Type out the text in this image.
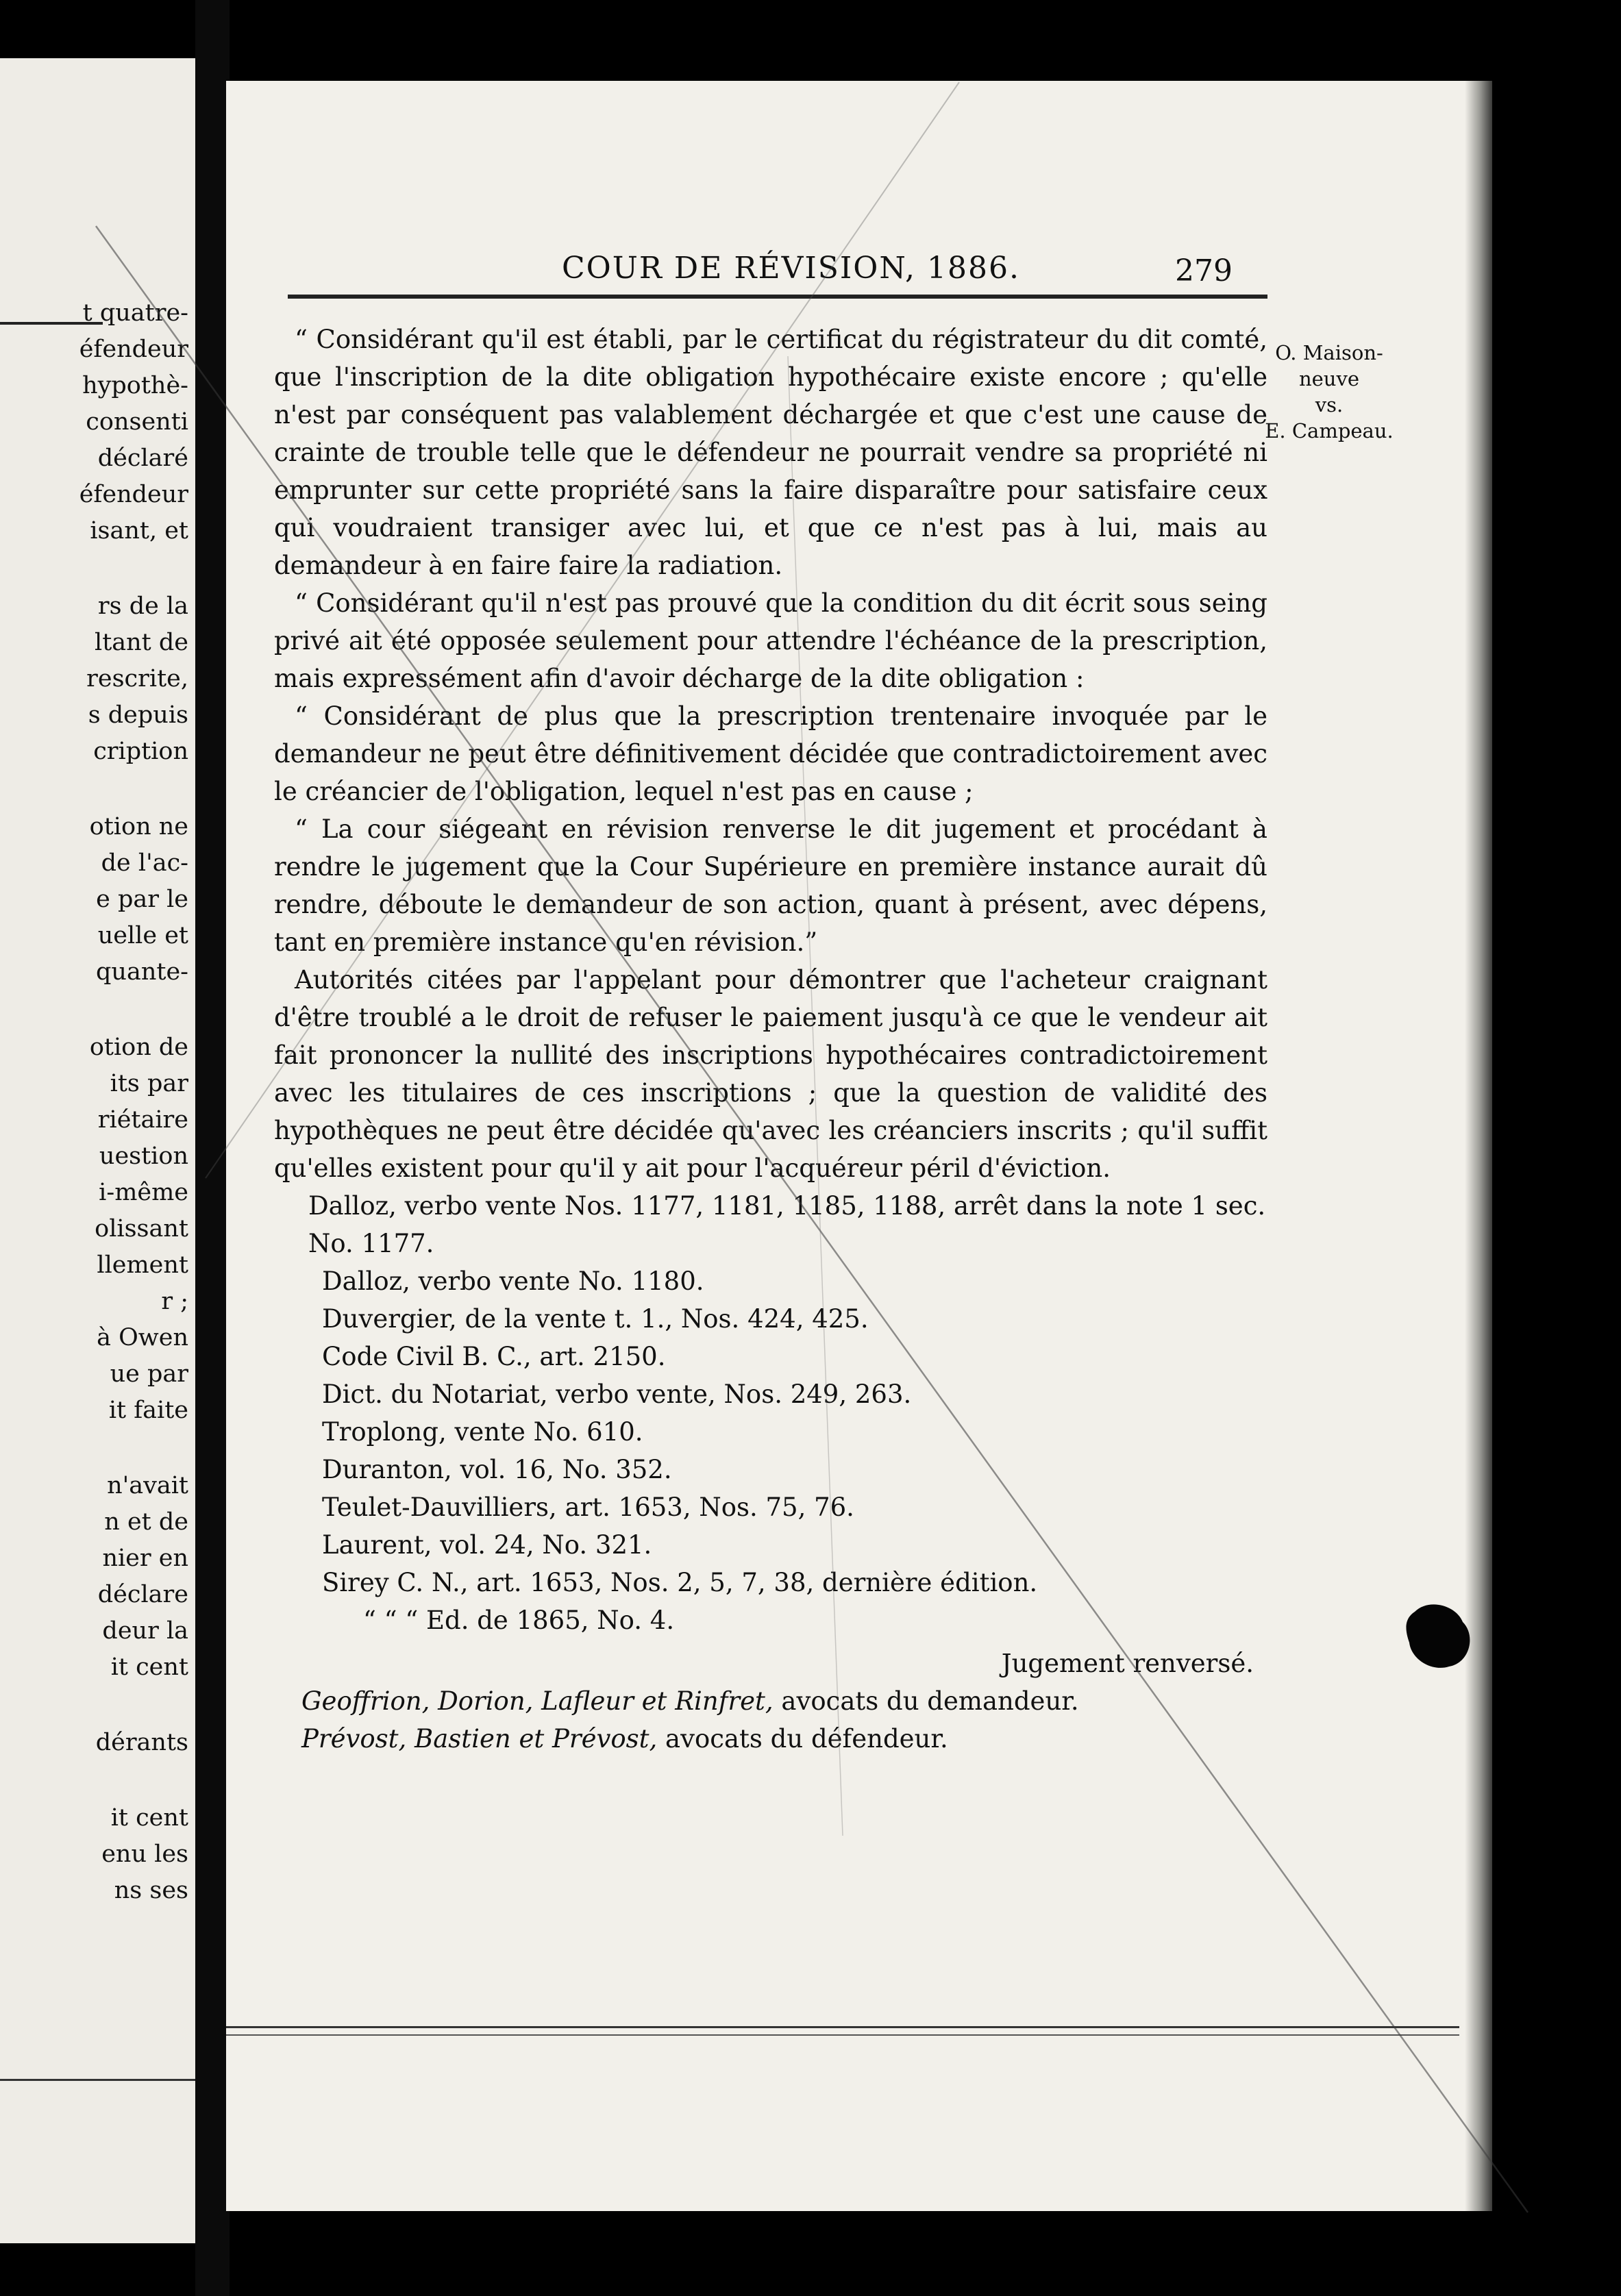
t quatre-
éfendeur
hypothè-
consenti
déclaré
éfendeur
isant, et
rs de la
ltant de
rescrite,
s depuis
cription
otion ne
de l'ac-
e par le
uelle et
quante-
otion de
its par
riétaire
uestion
i-même
olissant
llement
r ;
à Owen
ue par
it faite
n'avait
n et de
nier en
déclare
deur la
it cent
dérants
it cent
enu les
ns ses
COUR DE RÉVISION, 1886.	279
O. Maison-
neuve
vs.
E. Campeau.

“ Considérant qu'il est établi, par le certificat du régistrateur du dit comté, que l'inscription de la dite obligation hypothécaire existe encore ; qu'elle n'est par conséquent pas valablement déchargée et que c'est une cause de crainte de trouble telle que le défendeur ne pourrait vendre sa propriété ni emprunter sur cette propriété sans la faire disparaître pour satisfaire ceux qui voudraient transiger avec lui, et que ce n'est pas à lui, mais au demandeur à en faire faire la radiation.

“ Considérant qu'il n'est pas prouvé que la condition du dit écrit sous seing privé ait été opposée seulement pour attendre l'échéance de la prescription, mais expressément afin d'avoir décharge de la dite obligation :

“ Considérant de plus que la prescription trentenaire invoquée par le demandeur ne peut être définitivement décidée que contradictoirement avec le créancier de l'obligation, lequel n'est pas en cause ;

“ La cour siégeant en révision renverse le dit jugement et procédant à rendre le jugement que la Cour Supérieure en première instance aurait dû rendre, déboute le demandeur de son action, quant à présent, avec dépens, tant en première instance qu'en révision.”

Autorités citées par l'appelant pour démontrer que l'acheteur craignant d'être troublé a le droit de refuser le paiement jusqu'à ce que le vendeur ait fait prononcer la nullité des inscriptions hypothécaires contradictoirement avec les titulaires de ces inscriptions ; que la question de validité des hypothèques ne peut être décidée qu'avec les créanciers inscrits ; qu'il suffit qu'elles existent pour qu'il y ait pour l'acquéreur péril d'éviction.

Dalloz, verbo vente Nos. 1177, 1181, 1185, 1188, arrêt dans la note 1 sec. No. 1177.

Dalloz, verbo vente No. 1180.

Duvergier, de la vente t. 1., Nos. 424, 425.

Code Civil B. C., art. 2150.

Dict. du Notariat, verbo vente, Nos. 249, 263.

Troplong, vente No. 610.

Duranton, vol. 16, No. 352.

Teulet-Dauvilliers, art. 1653, Nos. 75, 76.

Laurent, vol. 24, No. 321.

Sirey C. N., art. 1653, Nos. 2, 5, 7, 38, dernière édition.

“ “ “ Ed. de 1865, No. 4.

Jugement renversé.

Geoffrion, Dorion, Lafleur et Rinfret, avocats du demandeur.

Prévost, Bastien et Prévost, avocats du défendeur.
